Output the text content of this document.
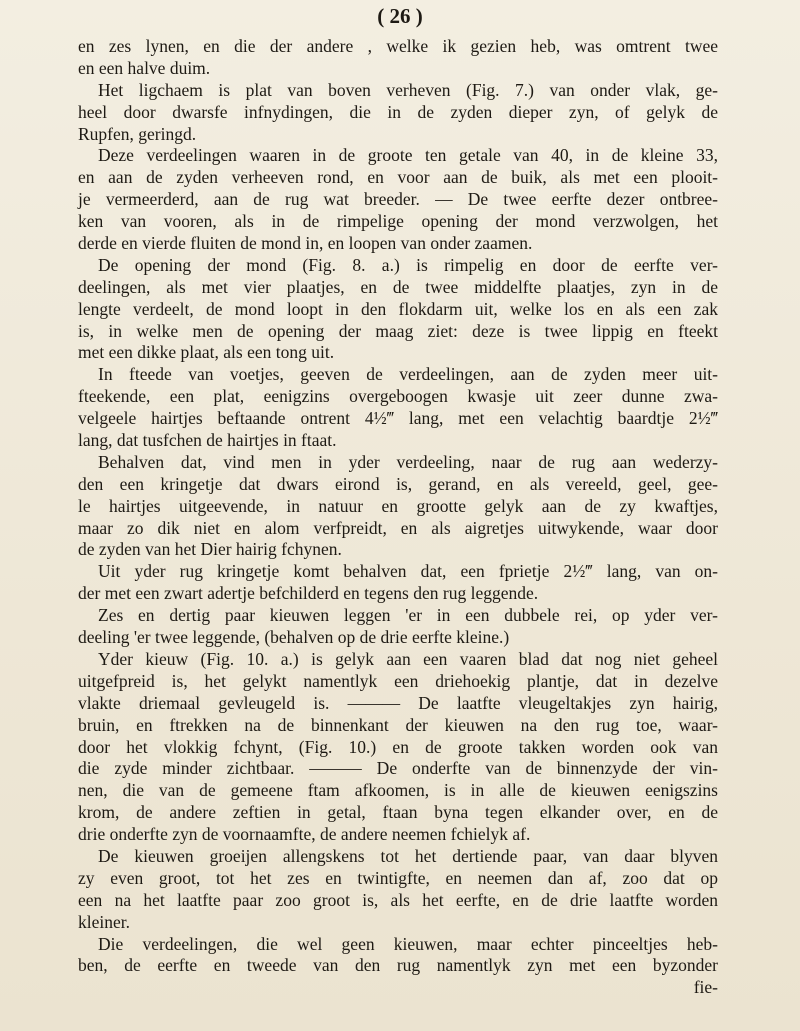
( 26 )
en zes lynen, en die der andere , welke ik gezien heb, was omtrent twee
en een halve duim.
Het ligchaem is plat van boven verheven (Fig. 7.) van onder vlak, ge-
heel door dwarsfe infnydingen, die in de zyden dieper zyn, of gelyk de
Rupfen, geringd.
Deze verdeelingen waaren in de groote ten getale van 40, in de kleine 33,
en aan de zyden verheeven rond, en voor aan de buik, als met een plooit-
je vermeerderd, aan de rug wat breeder. — De twee eerfte dezer ontbree-
ken van vooren, als in de rimpelige opening der mond verzwolgen, het
derde en vierde fluiten de mond in, en loopen van onder zaamen.
De opening der mond (Fig. 8. a.) is rimpelig en door de eerfte ver-
deelingen, als met vier plaatjes, en de twee middelfte plaatjes, zyn in de
lengte verdeelt, de mond loopt in den flokdarm uit, welke los en als een zak
is, in welke men de opening der maag ziet: deze is twee lippig en fteekt
met een dikke plaat, als een tong uit.
In fteede van voetjes, geeven de verdeelingen, aan de zyden meer uit-
fteekende, een plat, eenigzins overgeboogen kwasje uit zeer dunne zwa-
velgeele hairtjes beftaande ontrent 4½‴ lang, met een velachtig baardtje 2½‴
lang, dat tusfchen de hairtjes in ftaat.
Behalven dat, vind men in yder verdeeling, naar de rug aan wederzy-
den een kringetje dat dwars eirond is, gerand, en als vereeld, geel, gee-
le hairtjes uitgeevende, in natuur en grootte gelyk aan de zy kwaftjes,
maar zo dik niet en alom verfpreidt, en als aigretjes uitwykende, waar door
de zyden van het Dier hairig fchynen.
Uit yder rug kringetje komt behalven dat, een fprietje 2½‴ lang, van on-
der met een zwart adertje befchilderd en tegens den rug leggende.
Zes en dertig paar kieuwen leggen 'er in een dubbele rei, op yder ver-
deeling 'er twee leggende, (behalven op de drie eerfte kleine.)
Yder kieuw (Fig. 10. a.) is gelyk aan een vaaren blad dat nog niet geheel
uitgefpreid is, het gelykt namentlyk een driehoekig plantje, dat in dezelve
vlakte driemaal gevleugeld is. ——— De laatfte vleugeltakjes zyn hairig,
bruin, en ftrekken na de binnenkant der kieuwen na den rug toe, waar-
door het vlokkig fchynt, (Fig. 10.) en de groote takken worden ook van
die zyde minder zichtbaar. ——— De onderfte van de binnenzyde der vin-
nen, die van de gemeene ftam afkoomen, is in alle de kieuwen eenigszins
krom, de andere zeftien in getal, ftaan byna tegen elkander over, en de
drie onderfte zyn de voornaamfte, de andere neemen fchielyk af.
De kieuwen groeijen allengskens tot het dertiende paar, van daar blyven
zy even groot, tot het zes en twintigfte, en neemen dan af, zoo dat op
een na het laatfte paar zoo groot is, als het eerfte, en de drie laatfte worden
kleiner.
Die verdeelingen, die wel geen kieuwen, maar echter pinceeltjes heb-
ben, de eerfte en tweede van den rug namentlyk zyn met een byzonder
fie-
